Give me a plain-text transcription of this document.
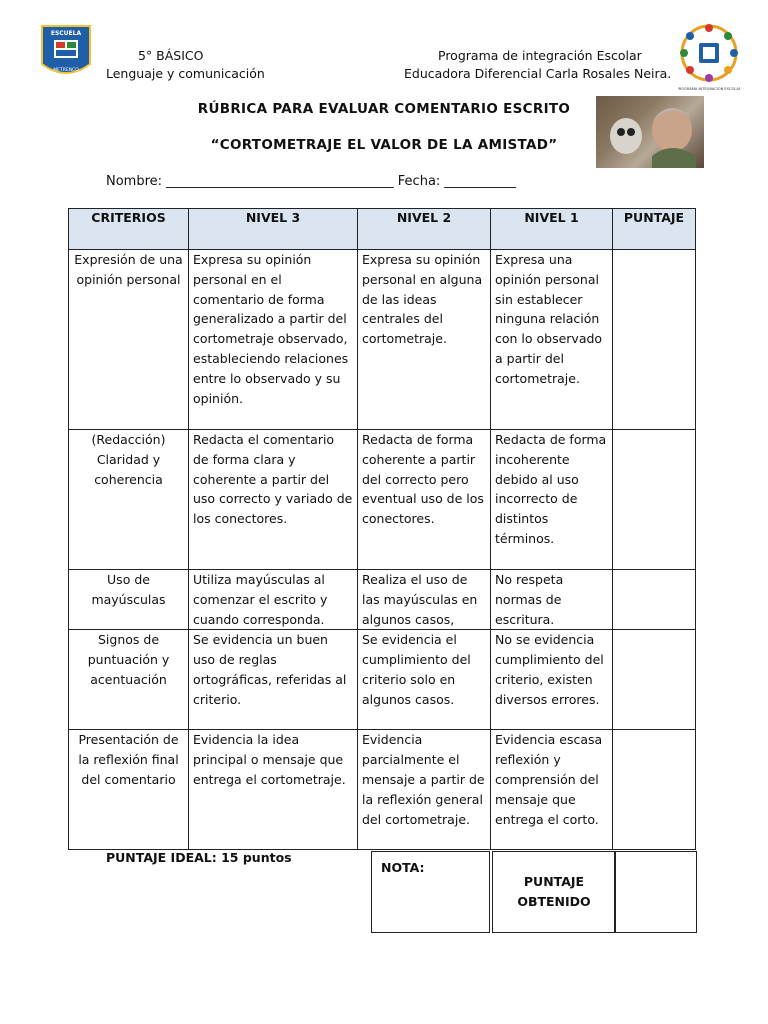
ESCUELA
METRENCO
5° BÁSICO
Lenguaje y comunicación
Programa de integración Escolar
Educadora Diferencial Carla Rosales Neira.
PROGRAMA INTEGRACIÓN ESCOLAR
RÚBRICA PARA EVALUAR COMENTARIO ESCRITO
“CORTOMETRAJE EL VALOR DE LA AMISTAD”
Nombre: ___________________________________ Fecha: ___________
CRITERIOS	NIVEL 3	NIVEL 2	NIVEL 1	PUNTAJE
Expresión de una opinión personal	Expresa su opinión personal en el comentario de forma generalizado a partir del cortometraje observado, estableciendo relaciones entre lo observado y su opinión.	Expresa su opinión personal en alguna de las ideas centrales del cortometraje.	Expresa una opinión personal sin establecer ninguna relación con lo observado a partir del cortometraje.	
(Redacción) Claridad y coherencia	Redacta el comentario de forma clara y coherente a partir del uso correcto y variado de los conectores.	Redacta de forma coherente a partir del correcto pero eventual uso de los conectores.	Redacta de forma incoherente debido al uso incorrecto de distintos términos.	
Uso de mayúsculas	Utiliza mayúsculas al comenzar el escrito y cuando corresponda.	Realiza el uso de las mayúsculas en algunos casos,	No respeta normas de escritura.	
Signos de puntuación y acentuación	Se evidencia un buen uso de reglas ortográficas, referidas al criterio.	Se evidencia el cumplimiento del criterio solo en algunos casos.	No se evidencia cumplimiento del criterio, existen diversos errores.	
Presentación de la reflexión final del comentario	Evidencia la idea principal o mensaje que entrega el cortometraje.	Evidencia parcialmente el mensaje a partir de la reflexión general del cortometraje.	Evidencia escasa reflexión y comprensión del mensaje que entrega el corto.	
PUNTAJE IDEAL: 15 puntos
NOTA:
PUNTAJE OBTENIDO
